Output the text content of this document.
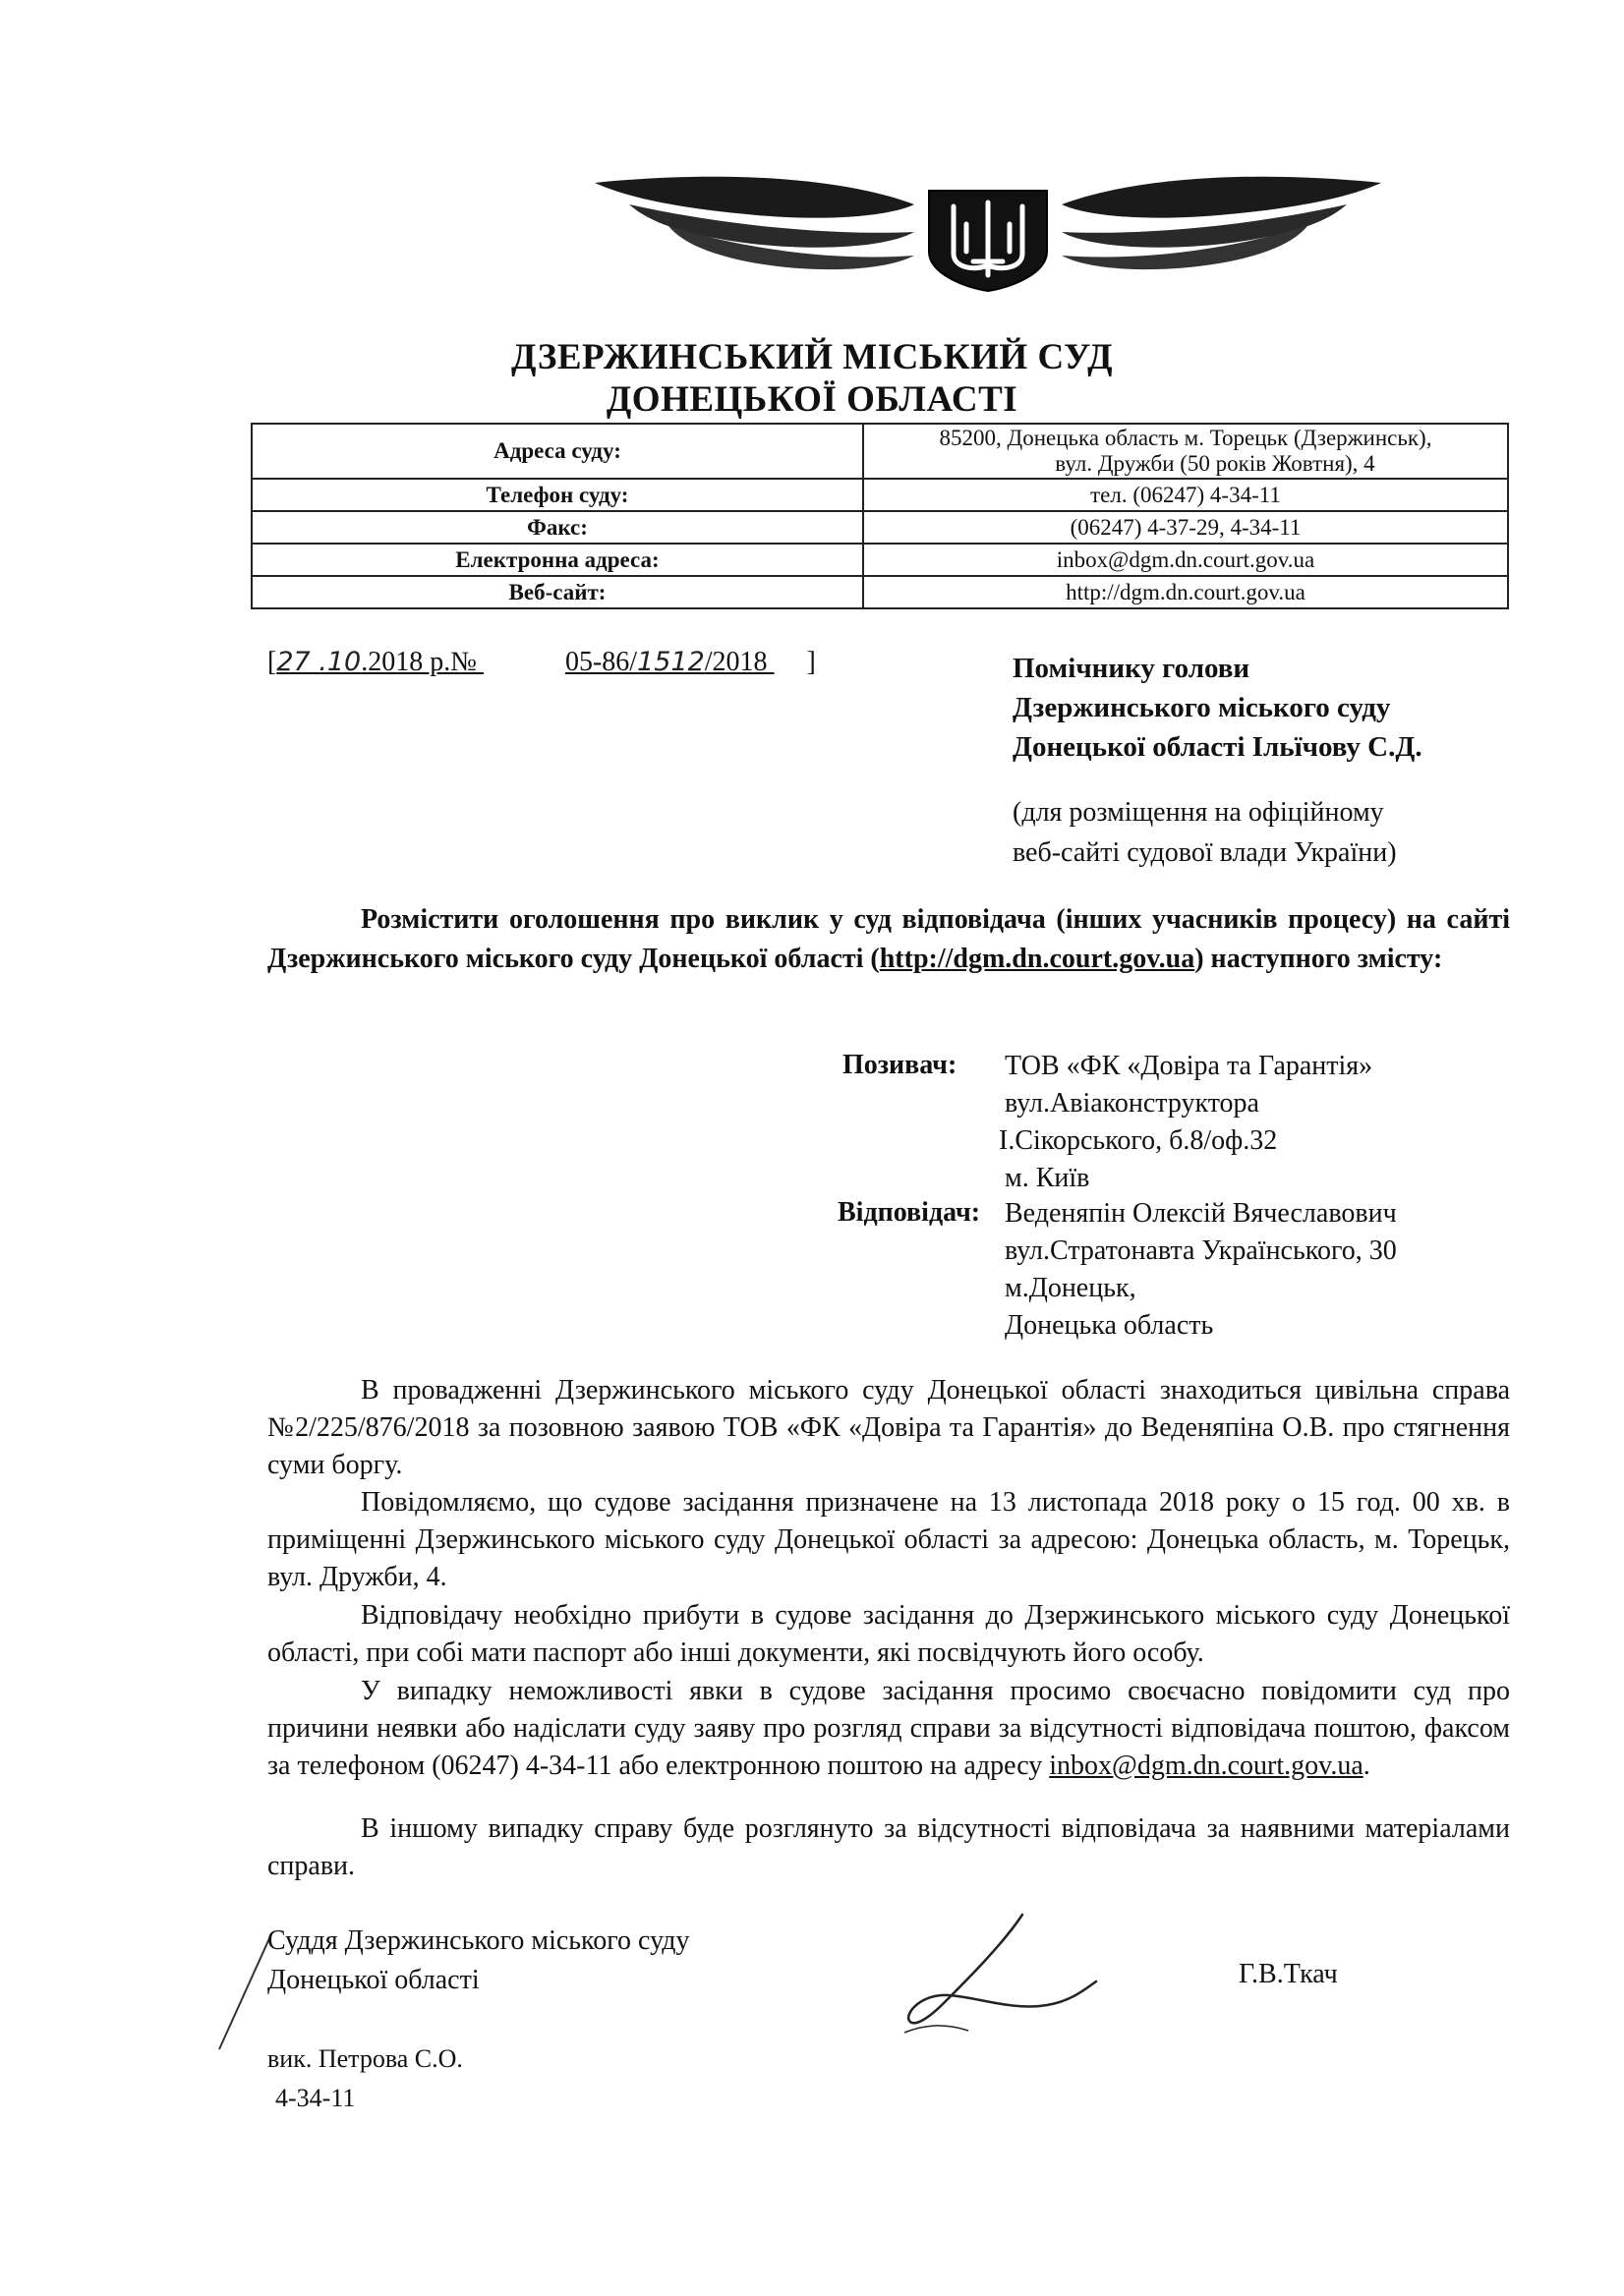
ДЗЕРЖИНСЬКИЙ МІСЬКИЙ СУД
ДОНЕЦЬКОЇ ОБЛАСТІ
Адреса суду:	85200, Донецька область м. Торецьк (Дзержинськ),
вул. Дружби (50 років Жовтня), 4

Телефон суду:	тел. (06247) 4-34-11
Факс:	(06247) 4-37-29, 4-34-11
Електронна адреса:	inbox@dgm.dn.court.gov.ua
Веб-сайт:	http://dgm.dn.court.gov.ua
[27 .10.2018 р.№	05-86/1512/2018 ]	Помічнику голови
Дзержинського міського суду
Донецької області Ільїчову С.Д.
(для розміщення на офіційному
веб-сайті судової влади України)
Розмістити оголошення про виклик у суд відповідача (інших учасників процесу) на сайті Дзержинського міського суду Донецької області (http://dgm.dn.court.gov.ua) наступного змісту:
Позивач: ТОВ «ФК «Довіра та Гарантія»
вул.Авіаконструктора
І.Сікорського, б.8/оф.32
м. Київ
Відповідач: Веденяпін Олексій Вячеславович
вул.Стратонавта Українського, 30
м.Донецьк,
Донецька область
В провадженні Дзержинського міського суду Донецької області знаходиться цивільна справа №2/225/876/2018 за позовною заявою ТОВ «ФК «Довіра та Гарантія» до Веденяпіна О.В. про стягнення суми боргу.
Повідомляємо, що судове засідання призначене на 13 листопада 2018 року о 15 год. 00 хв. в приміщенні Дзержинського міського суду Донецької області за адресою: Донецька область, м. Торецьк, вул. Дружби, 4.
Відповідачу необхідно прибути в судове засідання до Дзержинського міського суду Донецької області, при собі мати паспорт або інші документи, які посвідчують його особу.
У випадку неможливості явки в судове засідання просимо своєчасно повідомити суд про причини неявки або надіслати суду заяву про розгляд справи за відсутності відповідача поштою, факсом за телефоном (06247) 4-34-11 або електронною поштою на адресу inbox@dgm.dn.court.gov.ua.
В іншому випадку справу буде розглянуто за відсутності відповідача за наявними матеріалами справи.
Суддя Дзержинського міського суду
Донецької області	Г.В.Ткач
вик. Петрова С.О.
4-34-11
